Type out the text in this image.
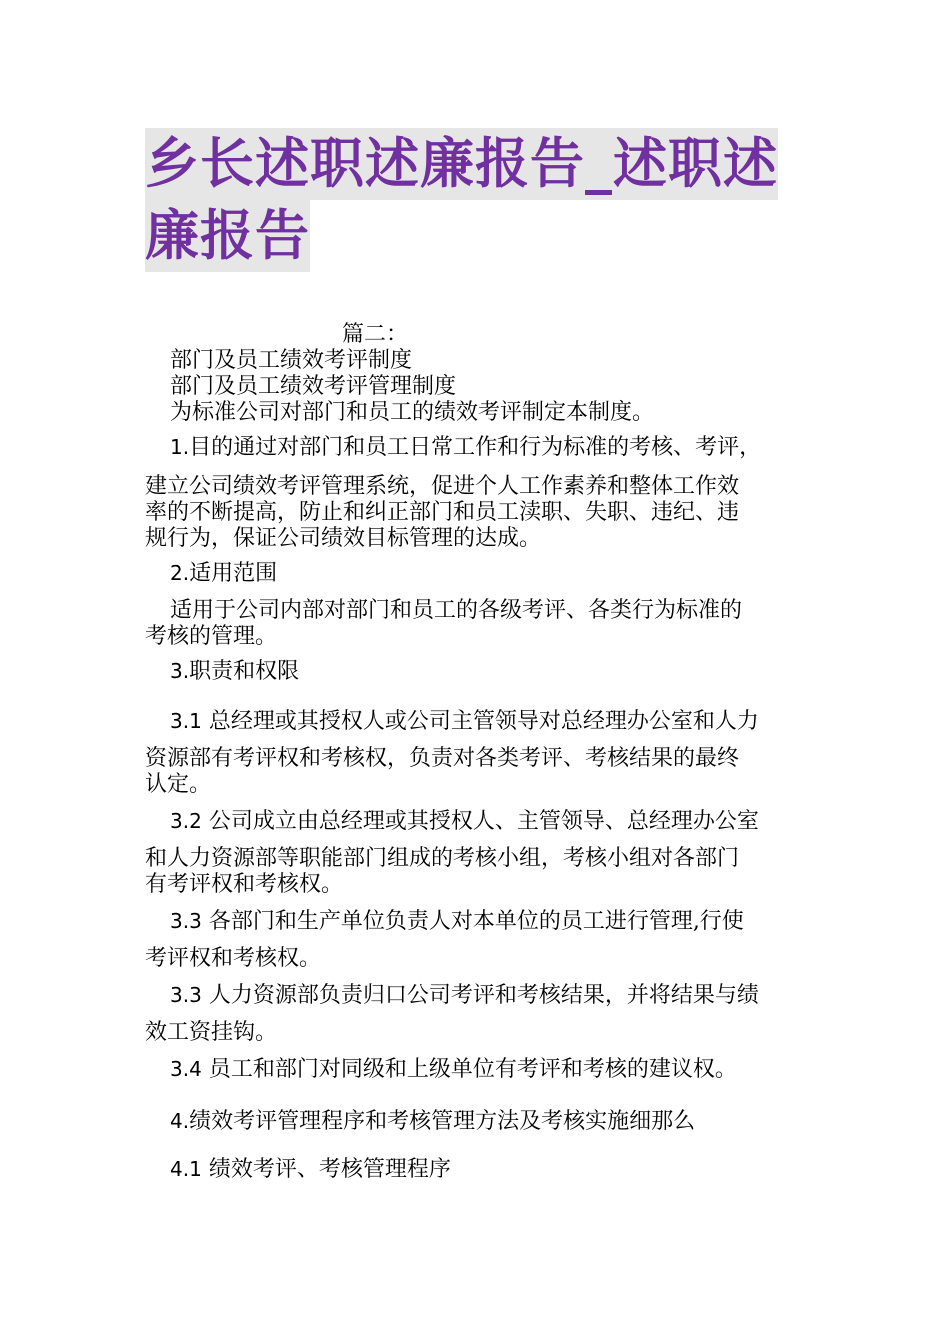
乡长述职述廉报告_述职述
廉报告
篇二：
部门及员工绩效考评制度
部门及员工绩效考评管理制度
为标准公司对部门和员工的绩效考评制定本制度。
1.目的通过对部门和员工日常工作和行为标准的考核、考评，
建立公司绩效考评管理系统，促进个人工作素养和整体工作效
率的不断提高，防止和纠正部门和员工渎职、失职、违纪、违
规行为，保证公司绩效目标管理的达成。
2.适用范围
适用于公司内部对部门和员工的各级考评、各类行为标准的
考核的管理。
3.职责和权限
3.1 总经理或其授权人或公司主管领导对总经理办公室和人力
资源部有考评权和考核权，负责对各类考评、考核结果的最终
认定。
3.2 公司成立由总经理或其授权人、主管领导、总经理办公室
和人力资源部等职能部门组成的考核小组，考核小组对各部门
有考评权和考核权。
3.3 各部门和生产单位负责人对本单位的员工进行管理,行使
考评权和考核权。
3.3 人力资源部负责归口公司考评和考核结果，并将结果与绩
效工资挂钩。
3.4 员工和部门对同级和上级单位有考评和考核的建议权。
4.绩效考评管理程序和考核管理方法及考核实施细那么
4.1 绩效考评、考核管理程序
